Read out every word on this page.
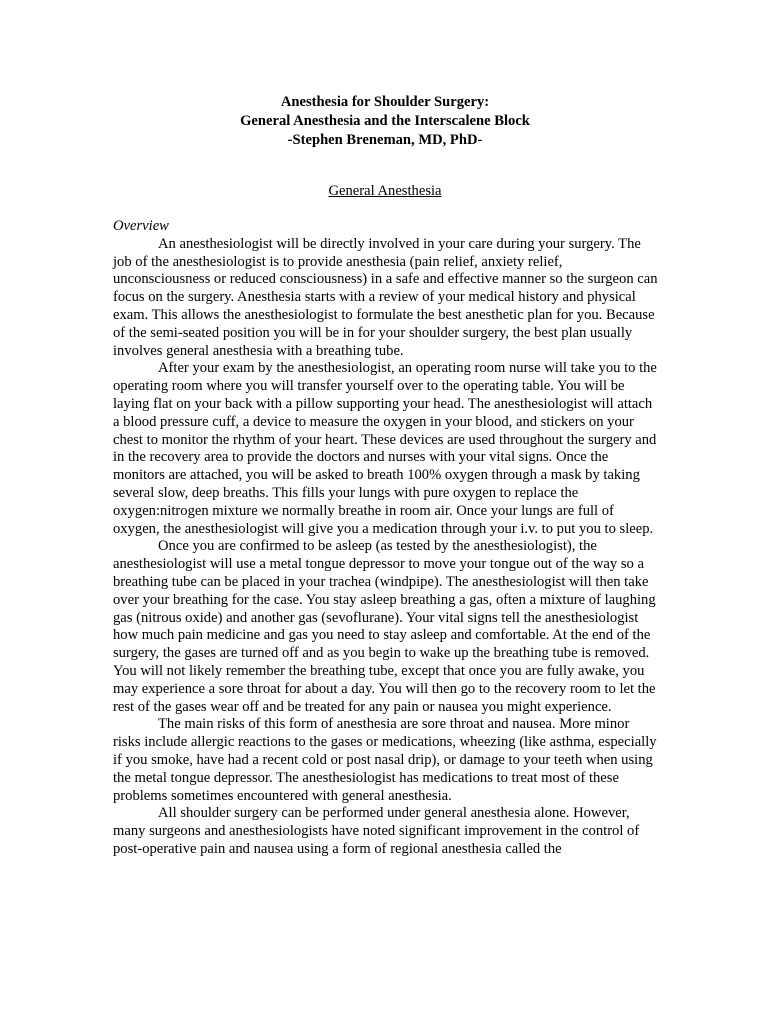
Anesthesia for Shoulder Surgery:
General Anesthesia and the Interscalene Block
-Stephen Breneman, MD, PhD-
General Anesthesia
Overview

An anesthesiologist will be directly involved in your care during your surgery. The job of the anesthesiologist is to provide anesthesia (pain relief, anxiety relief, unconsciousness or reduced consciousness) in a safe and effective manner so the surgeon can focus on the surgery. Anesthesia starts with a review of your medical history and physical exam. This allows the anesthesiologist to formulate the best anesthetic plan for you. Because of the semi-seated position you will be in for your shoulder surgery, the best plan usually involves general anesthesia with a breathing tube.

After your exam by the anesthesiologist, an operating room nurse will take you to the operating room where you will transfer yourself over to the operating table. You will be laying flat on your back with a pillow supporting your head. The anesthesiologist will attach a blood pressure cuff, a device to measure the oxygen in your blood, and stickers on your chest to monitor the rhythm of your heart. These devices are used throughout the surgery and in the recovery area to provide the doctors and nurses with your vital signs. Once the monitors are attached, you will be asked to breath 100% oxygen through a mask by taking several slow, deep breaths. This fills your lungs with pure oxygen to replace the oxygen:nitrogen mixture we normally breathe in room air. Once your lungs are full of oxygen, the anesthesiologist will give you a medication through your i.v. to put you to sleep.

Once you are confirmed to be asleep (as tested by the anesthesiologist), the anesthesiologist will use a metal tongue depressor to move your tongue out of the way so a breathing tube can be placed in your trachea (windpipe). The anesthesiologist will then take over your breathing for the case. You stay asleep breathing a gas, often a mixture of laughing gas (nitrous oxide) and another gas (sevoflurane). Your vital signs tell the anesthesiologist how much pain medicine and gas you need to stay asleep and comfortable. At the end of the surgery, the gases are turned off and as you begin to wake up the breathing tube is removed. You will not likely remember the breathing tube, except that once you are fully awake, you may experience a sore throat for about a day. You will then go to the recovery room to let the rest of the gases wear off and be treated for any pain or nausea you might experience.

The main risks of this form of anesthesia are sore throat and nausea. More minor risks include allergic reactions to the gases or medications, wheezing (like asthma, especially if you smoke, have had a recent cold or post nasal drip), or damage to your teeth when using the metal tongue depressor. The anesthesiologist has medications to treat most of these problems sometimes encountered with general anesthesia.

All shoulder surgery can be performed under general anesthesia alone. However, many surgeons and anesthesiologists have noted significant improvement in the control of post-operative pain and nausea using a form of regional anesthesia called the
